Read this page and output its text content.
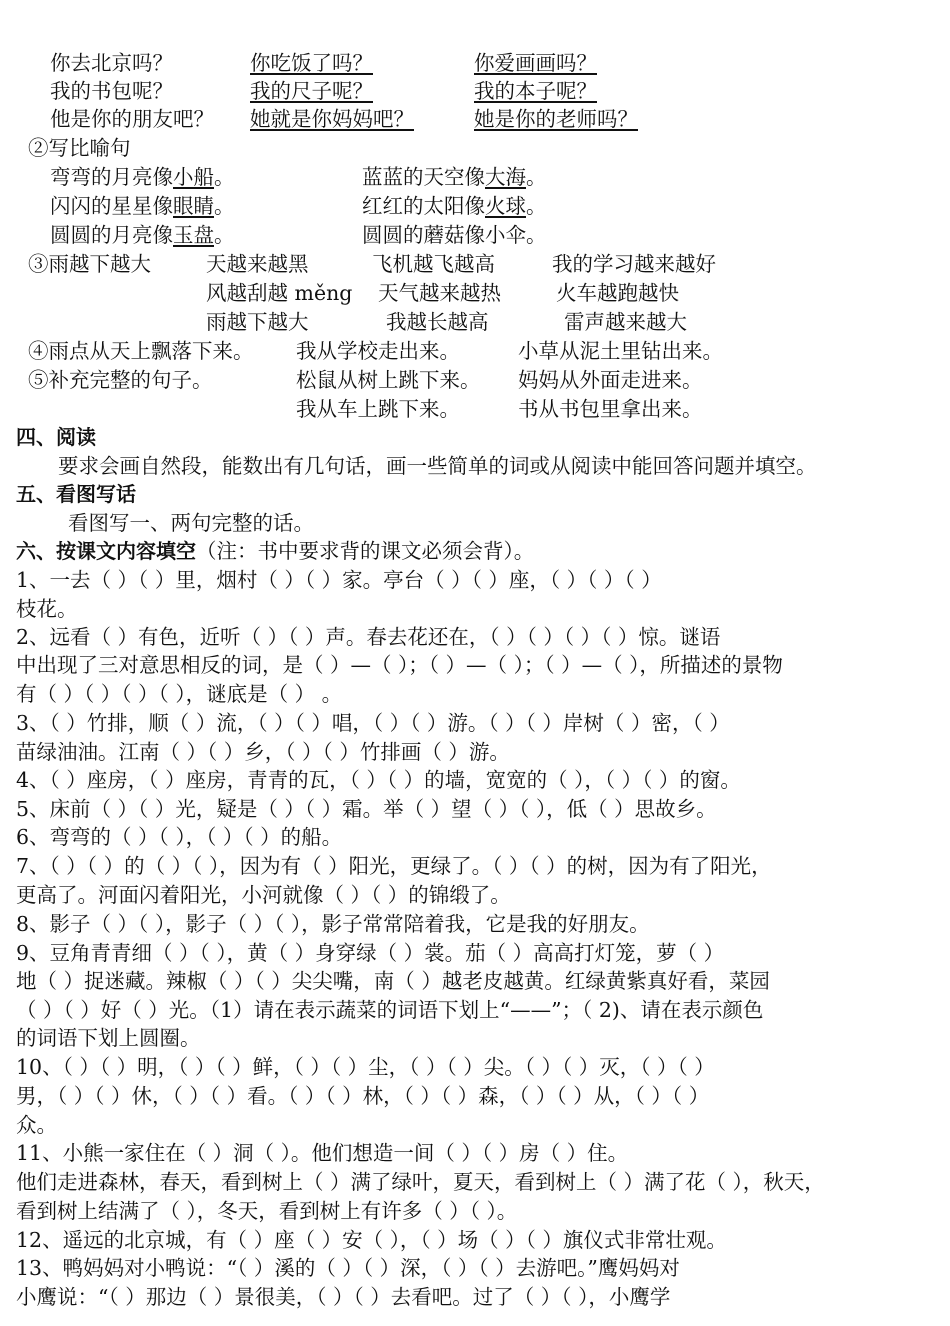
你去北京吗？	你吃饭了吗？	你爱画画吗？
我的书包呢？	我的尺子呢？	我的本子呢？
他是你的朋友吧？ 她就是你妈妈吧？	她是你的老师吗？
②写比喻句
弯弯的月亮像小船。	蓝蓝的天空像大海。
闪闪的星星像眼睛。	红红的太阳像火球。
圆圆的月亮像玉盘。	圆圆的蘑菇像小伞。
③雨越下越大	天越来越黑	飞机越飞越高	我的学习越来越好
风越刮越 měng 天气越来越热	火车越跑越快
雨越下越大	我越长越高	雷声越来越大
④雨点从天上飘落下来。 我从学校走出来。	小草从泥土里钻出来。
⑤补充完整的句子。	松鼠从树上跳下来。 妈妈从外面走进来。
我从车上跳下来。	书从书包里拿出来。
四、阅读
要求会画自然段，能数出有几句话，画一些简单的词或从阅读中能回答问题并填空。
五、看图写话
看图写一、两句完整的话。
六、按课文内容填空（注：书中要求背的课文必须会背）。
1、一去（ ）（ ）里，烟村（ ）（ ）家。亭台（ ）（ ）座，（ ）（ ）（ ）
枝花。
2、远看（ ）有色，近听（ ）（ ）声。春去花还在，（ ）（ ）（ ）（ ）惊。谜语
中出现了三对意思相反的词，是（ ）—（ ）；（ ）—（ ）；（ ）—（ ），所描述的景物
有（ ）（ ）（ ）（ ），谜底是（ ） 。
3、（ ）竹排，顺（ ）流，（ ）（ ）唱，（ ）（ ）游。（ ）（ ）岸树（ ）密，（ ）
苗绿油油。江南（ ）（ ）乡，（ ）（ ）竹排画（ ）游。
4、（ ）座房，（ ）座房，青青的瓦，（ ）（ ）的墙，宽宽的（ ），（ ）（ ）的窗。
5、床前（ ）（ ）光，疑是（ ）（ ）霜。举（ ）望（ ）（ ），低（ ）思故乡。
6、弯弯的（ ）（ ），（ ）（ ）的船。
7、（ ）（ ）的（ ）（ ），因为有（ ）阳光，更绿了。（ ）（ ）的树，因为有了阳光，
更高了。河面闪着阳光，小河就像（ ）（ ）的锦缎了。
8、影子（ ）（ ），影子（ ）（ ），影子常常陪着我，它是我的好朋友。
9、豆角青青细（ ）（ ），黄（ ）身穿绿（ ）裳。茄（ ）高高打灯笼，萝（ ）
地（ ）捉迷藏。辣椒（ ）（ ）尖尖嘴，南（ ）越老皮越黄。红绿黄紫真好看，菜园
（ ）（ ）好（ ）光。（1）请在表示蔬菜的词语下划上“——”；（ 2)、请在表示颜色
的词语下划上圆圈。
10、（ ）（ ）明，（ ）（ ）鲜，（ ）（ ）尘，（ ）（ ）尖。（ ）（ ）灭，（ ）（ ）
男，（ ）（ ）休，（ ）（ ）看。（ ）（ ）林，（ ）（ ）森，（ ）（ ）从，（ ）（ ）
众。
11、小熊一家住在（ ）洞（ ）。他们想造一间（ ）（ ）房（ ）住。
他们走进森林，春天，看到树上（ ）满了绿叶，夏天，看到树上（ ）满了花（ ），秋天，
看到树上结满了（ ），冬天，看到树上有许多（ ）（ ）。
12、遥远的北京城，有（ ）座（ ）安（ ），（ ）场（ ）（ ）旗仪式非常壮观。
13、鸭妈妈对小鸭说：“（ ）溪的（ ）（ ）深，（ ）（ ）去游吧。”鹰妈妈对
小鹰说：“（ ）那边（ ）景很美，（ ）（ ）去看吧。过了（ ）（ ），小鹰学
